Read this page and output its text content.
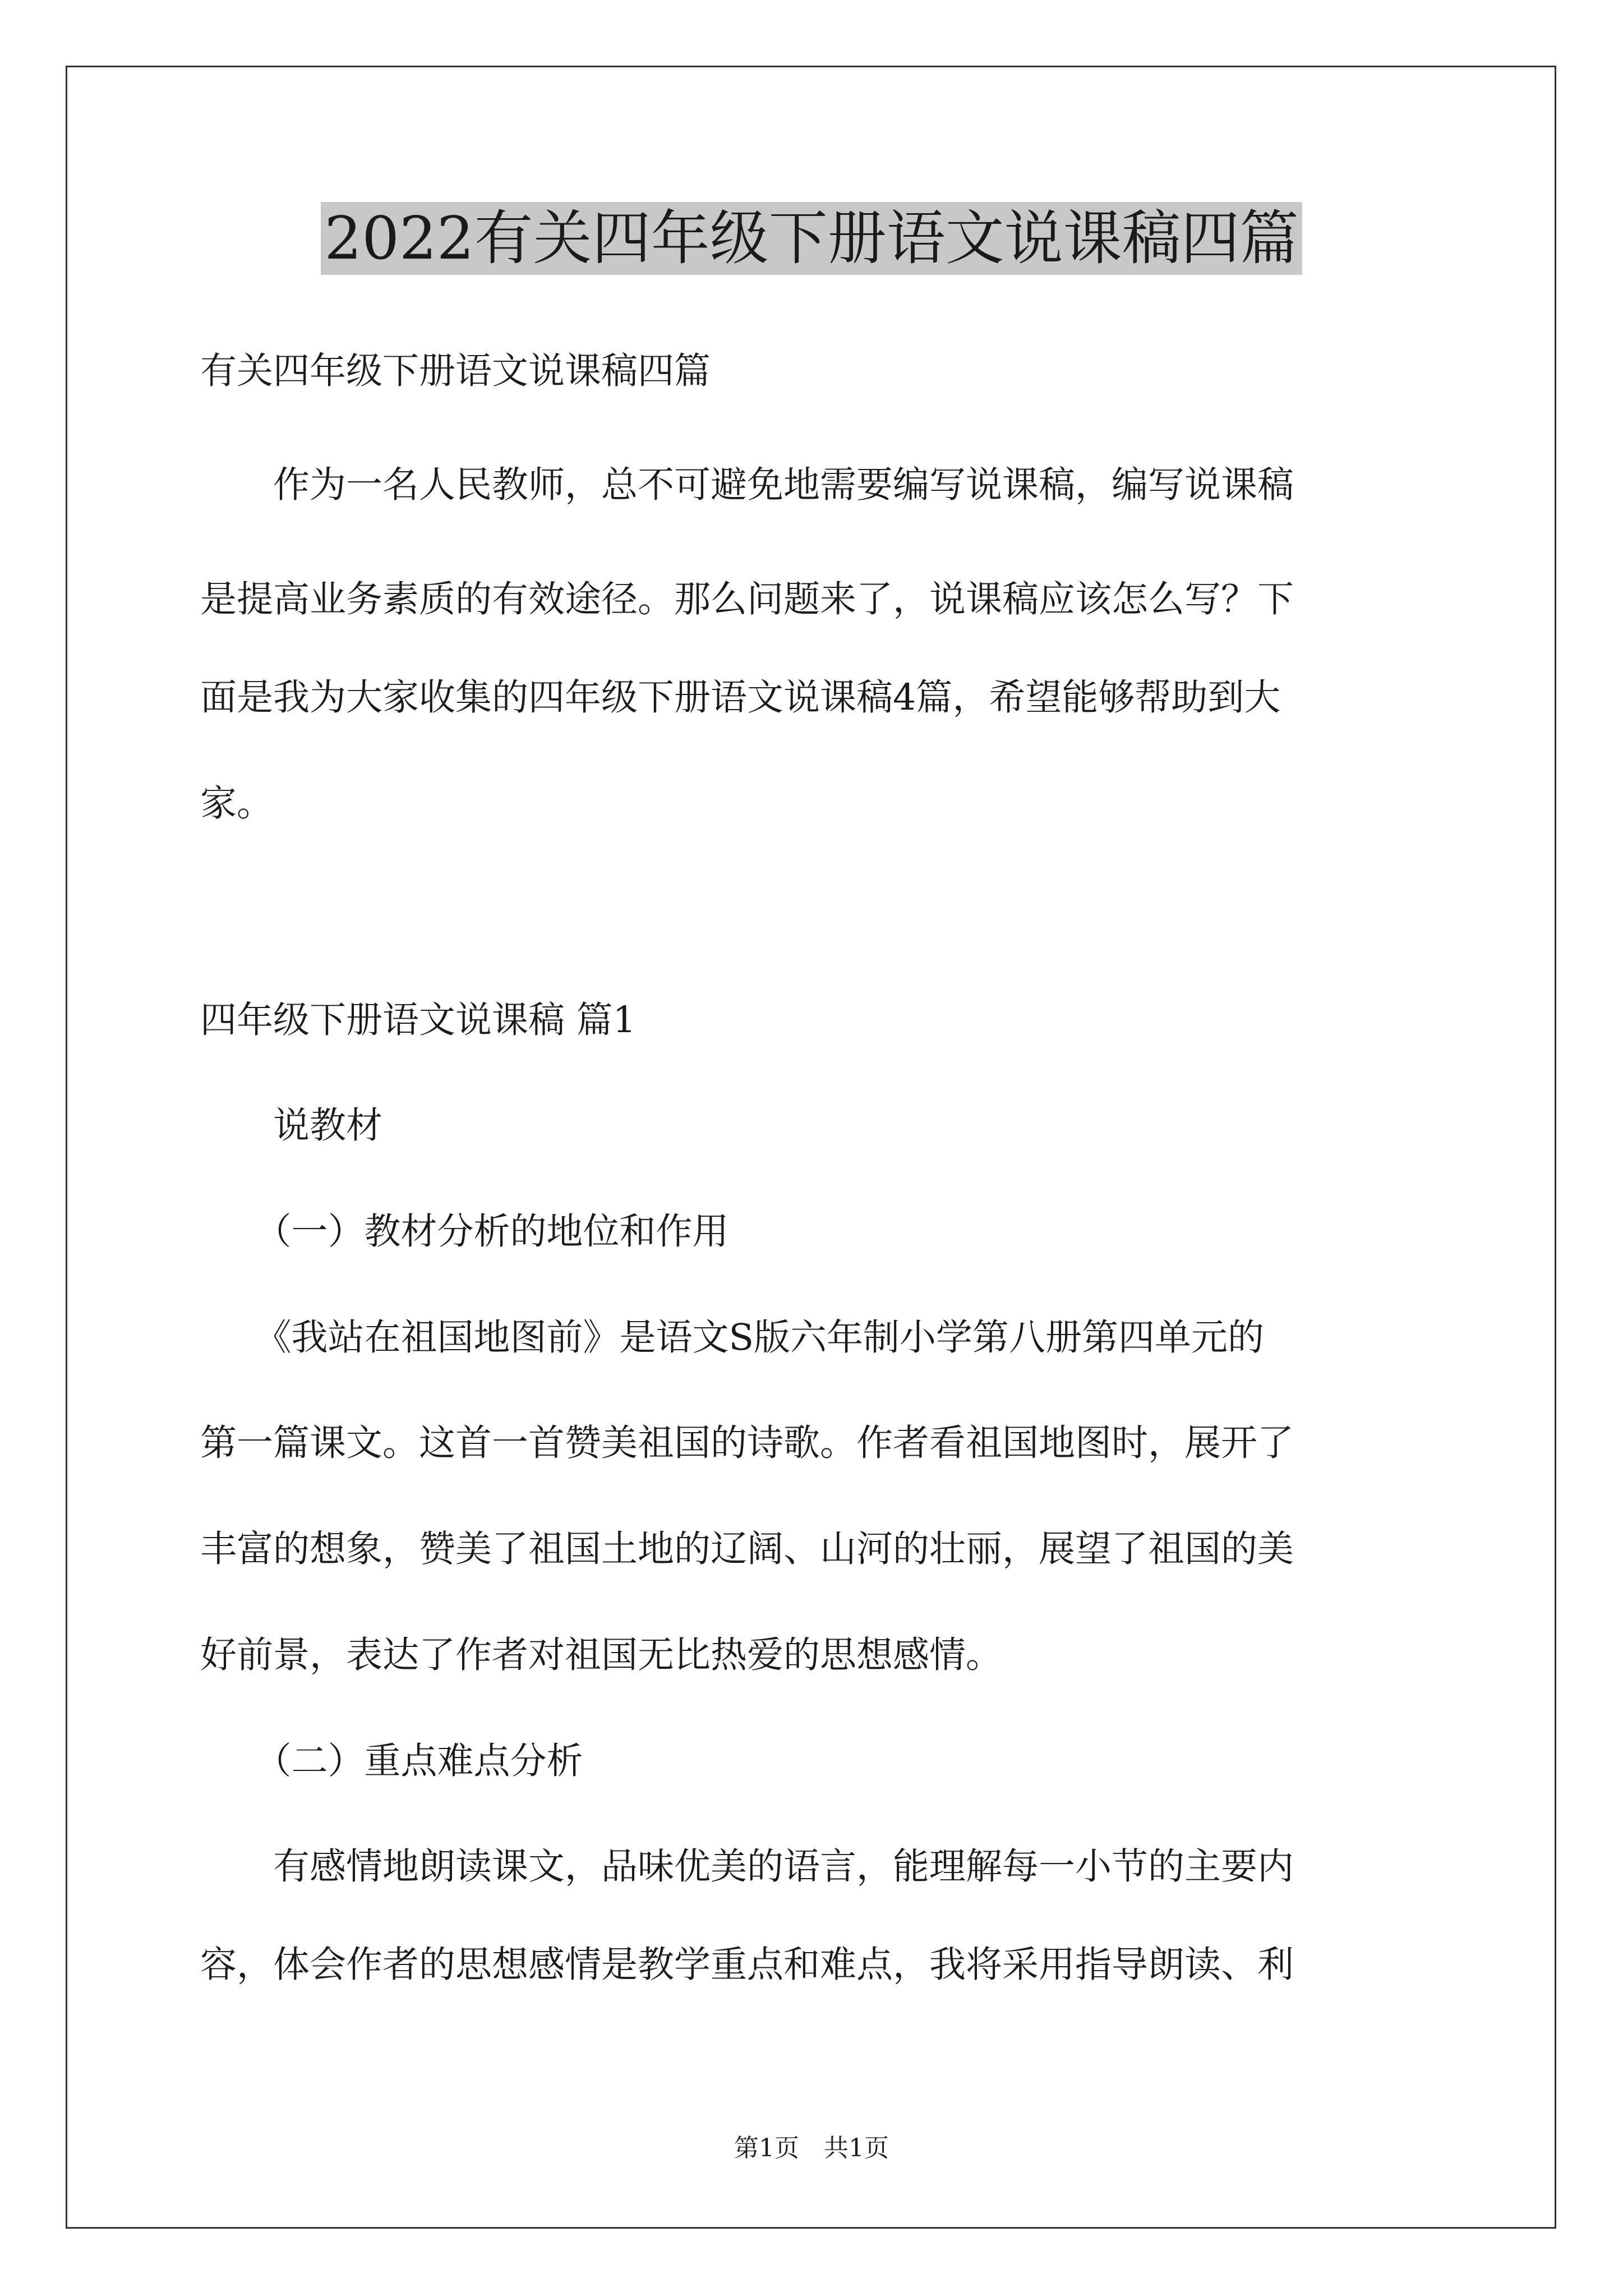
2022有关四年级下册语文说课稿四篇

有关四年级下册语文说课稿四篇

　　作为一名人民教师，总不可避免地需要编写说课稿，编写说课稿

是提高业务素质的有效途径。那么问题来了，说课稿应该怎么写？下

面是我为大家收集的四年级下册语文说课稿4篇，希望能够帮助到大

家。

四年级下册语文说课稿 篇1

　　说教材

　　（一）教材分析的地位和作用

　　《我站在祖国地图前》是语文S版六年制小学第八册第四单元的

第一篇课文。这首一首赞美祖国的诗歌。作者看祖国地图时，展开了

丰富的想象，赞美了祖国土地的辽阔、山河的壮丽，展望了祖国的美

好前景，表达了作者对祖国无比热爱的思想感情。

　　（二）重点难点分析

　　有感情地朗读课文，品味优美的语言，能理解每一小节的主要内

容，体会作者的思想感情是教学重点和难点，我将采用指导朗读、利

第1页　共1页
